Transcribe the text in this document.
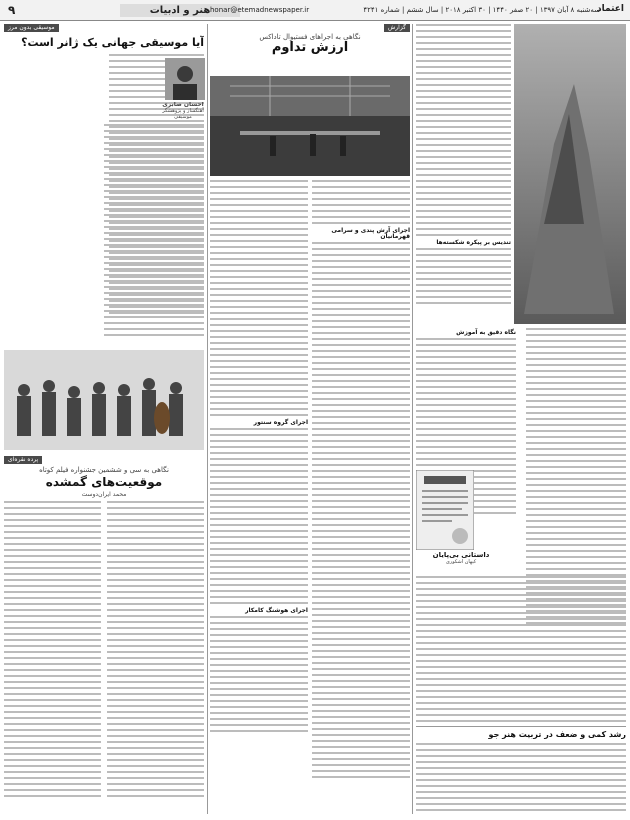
۹	هنر و ادبیات honar@etemadnewspaper.ir	سه‌شنبه ۸ آبان ۱۳۹۷ | ۲۰ صفر ۱۴۴۰ | ۳۰ اکتبر ۲۰۱۸ | سال ششم | شماره ۴۲۴۱
اعتماد
موسیقی بدون مرز
آیا موسیقی جهانی یک ژانر است؟
احسان صابری
آهنگساز و پژوهشگر موسیقی
پرده نقره‌ای
نگاهی به سی و ششمین جشنواره فیلم کوتاه
موقعیت‌های گمشده
محمد ایران‌دوست
گزارش
نگاهی به اجراهای فستیوال تاداکس
ارزش تداوم
اجرای آرش پندی و سرامی قهرمانیان
اجرای گروه سنتور
اجرای هوشنگ کامکار
تندیس بر پیکره شکسته‌ها
نگاه دقیق به آموزش
داستانی بی‌پایان
کیهان اشکوری
رشد کمی و ضعف در تربیت هنر جو
